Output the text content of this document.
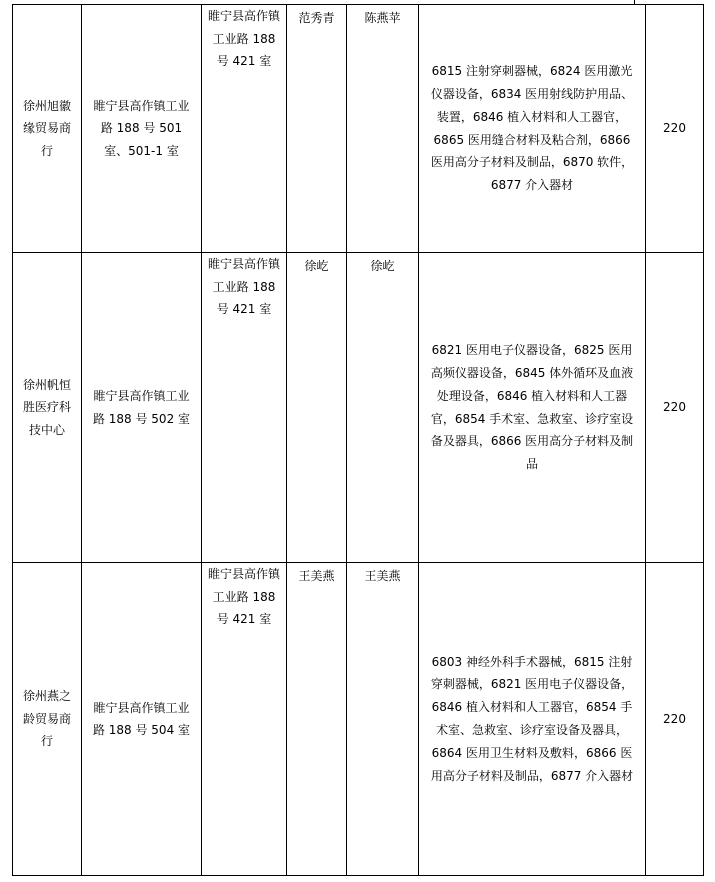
徐州旭徽缘贸易商行	睢宁县高作镇工业路 188 号 501 室、501-1 室	睢宁县高作镇工业路 188 号 421 室	范秀青	陈燕苹	6815 注射穿刺器械，6824 医用激光仪器设备，6834 医用射线防护用品、装置，6846 植入材料和人工器官，6865 医用缝合材料及粘合剂，6866 医用高分子材料及制品，6870 软件，6877 介入器材	220
徐州帆恒胜医疗科技中心	睢宁县高作镇工业路 188 号 502 室	睢宁县高作镇工业路 188 号 421 室	徐屹	徐屹	6821 医用电子仪器设备，6825 医用高频仪器设备，6845 体外循环及血液处理设备，6846 植入材料和人工器官，6854 手术室、急救室、诊疗室设备及器具，6866 医用高分子材料及制品	220
徐州燕之龄贸易商行	睢宁县高作镇工业路 188 号 504 室	睢宁县高作镇工业路 188 号 421 室	王美燕	王美燕	6803 神经外科手术器械，6815 注射穿刺器械，6821 医用电子仪器设备，6846 植入材料和人工器官，6854 手术室、急救室、诊疗室设备及器具，6864 医用卫生材料及敷料，6866 医用高分子材料及制品，6877 介入器材	220
